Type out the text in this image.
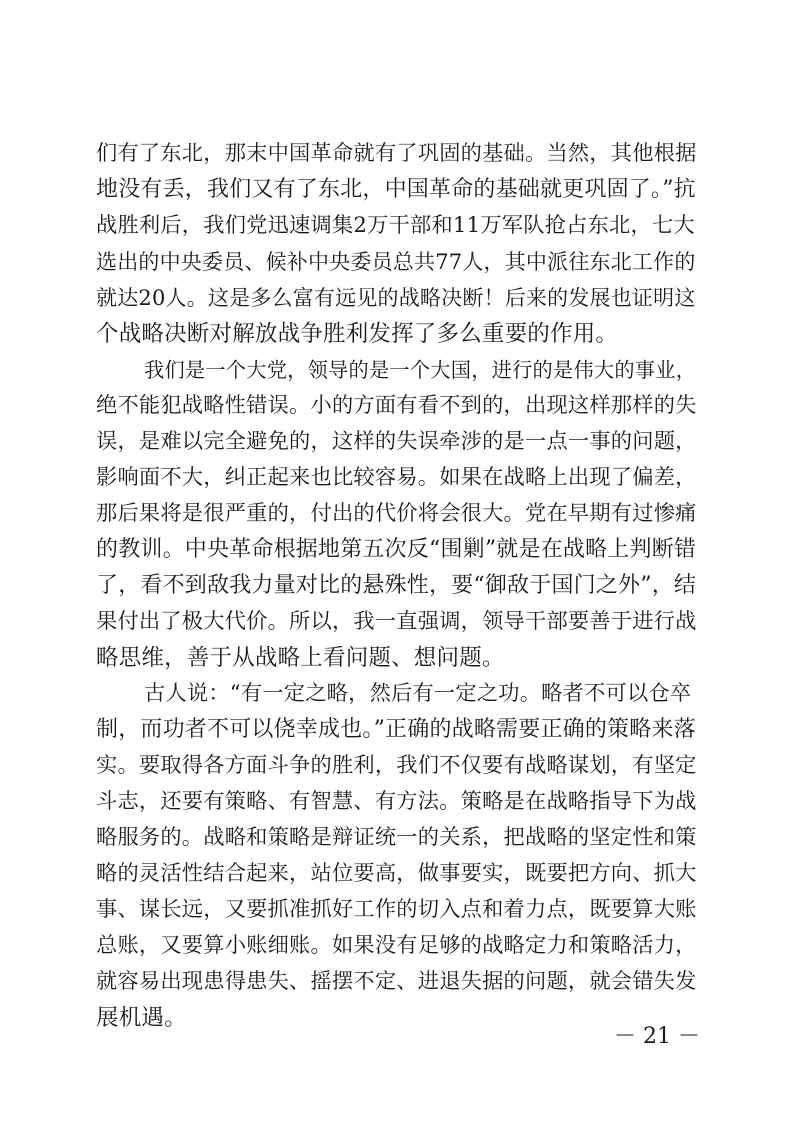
们有了东北，那末中国革命就有了巩固的基础。当然，其他根据
地没有丢，我们又有了东北，中国革命的基础就更巩固了。”抗
战胜利后，我们党迅速调集2万干部和11万军队抢占东北，七大
选出的中央委员、候补中央委员总共77人，其中派往东北工作的
就达20人。这是多么富有远见的战略决断！后来的发展也证明这
个战略决断对解放战争胜利发挥了多么重要的作用。
我们是一个大党，领导的是一个大国，进行的是伟大的事业，
绝不能犯战略性错误。小的方面有看不到的，出现这样那样的失
误，是难以完全避免的，这样的失误牵涉的是一点一事的问题，
影响面不大，纠正起来也比较容易。如果在战略上出现了偏差，
那后果将是很严重的，付出的代价将会很大。党在早期有过惨痛
的教训。中央革命根据地第五次反“围剿”就是在战略上判断错
了，看不到敌我力量对比的悬殊性，要“御敌于国门之外”，结
果付出了极大代价。所以，我一直强调，领导干部要善于进行战
略思维，善于从战略上看问题、想问题。
古人说：“有一定之略，然后有一定之功。略者不可以仓卒
制，而功者不可以侥幸成也。”正确的战略需要正确的策略来落
实。要取得各方面斗争的胜利，我们不仅要有战略谋划，有坚定
斗志，还要有策略、有智慧、有方法。策略是在战略指导下为战
略服务的。战略和策略是辩证统一的关系，把战略的坚定性和策
略的灵活性结合起来，站位要高，做事要实，既要把方向、抓大
事、谋长远，又要抓准抓好工作的切入点和着力点，既要算大账
总账，又要算小账细账。如果没有足够的战略定力和策略活力，
就容易出现患得患失、摇摆不定、进退失据的问题，就会错失发
展机遇。
－ 21 －
